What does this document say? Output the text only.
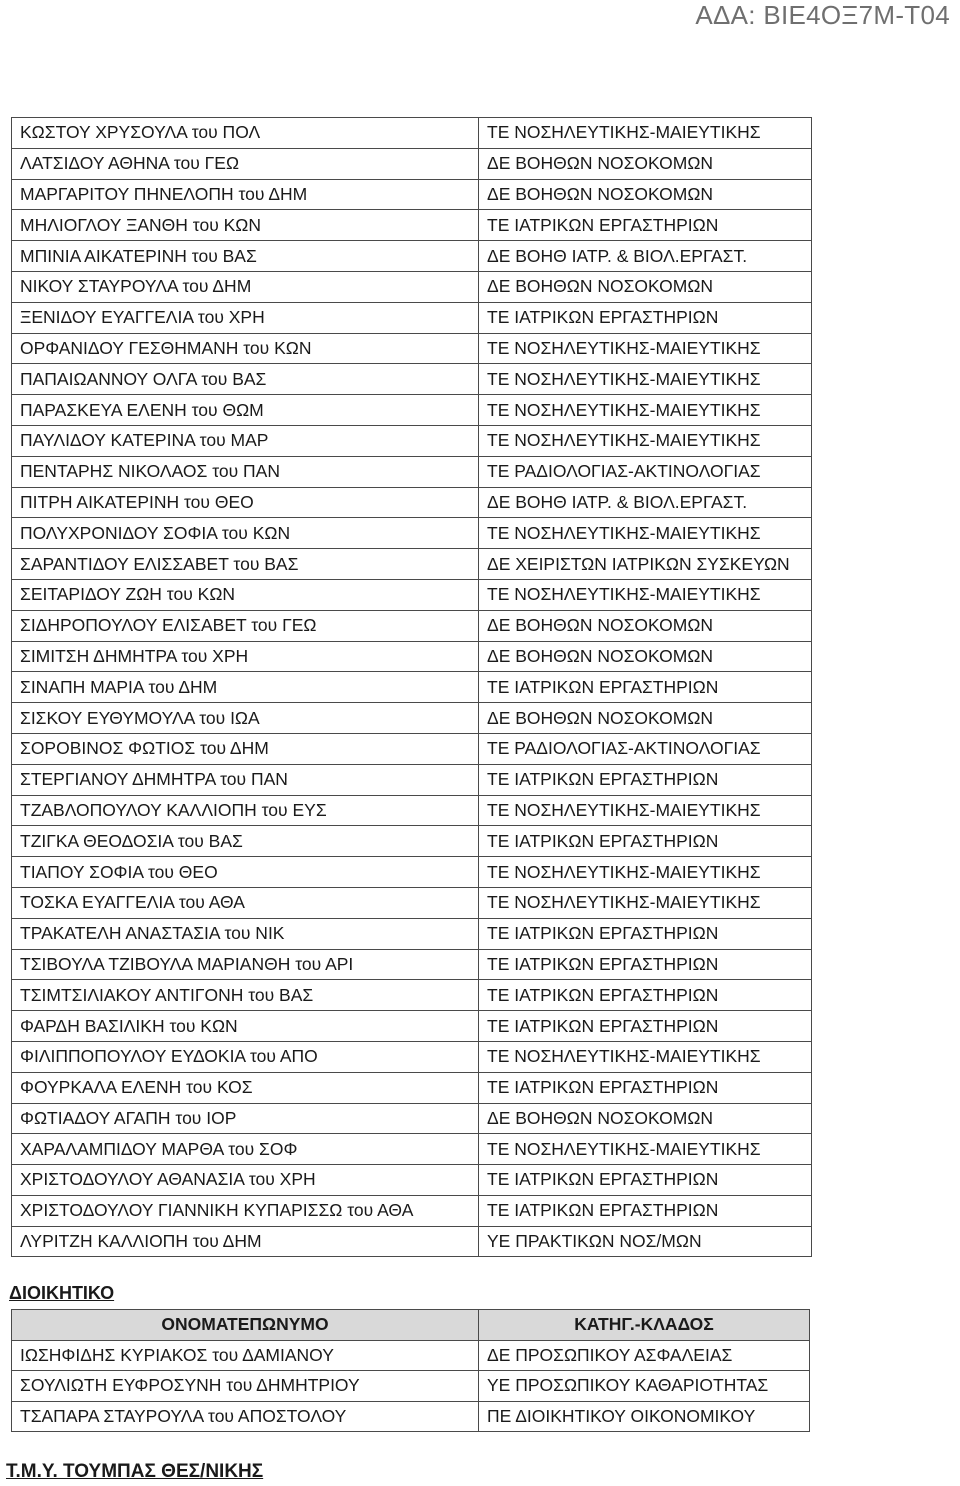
ΑΔΑ: ΒΙΕ4ΟΞ7Μ-Τ04
ΚΩΣΤΟΥ ΧΡΥΣΟΥΛΑ του ΠΟΛ	ΤΕ ΝΟΣΗΛΕΥΤΙΚΗΣ-ΜΑΙΕΥΤΙΚΗΣ
ΛΑΤΣΙΔΟΥ ΑΘΗΝΑ του ΓΕΩ	ΔΕ ΒΟΗΘΩΝ ΝΟΣΟΚΟΜΩΝ
ΜΑΡΓΑΡΙΤΟΥ ΠΗΝΕΛΟΠΗ του ΔΗΜ	ΔΕ ΒΟΗΘΩΝ ΝΟΣΟΚΟΜΩΝ
ΜΗΛΙΟΓΛΟΥ ΞΑΝΘΗ του ΚΩΝ	ΤΕ ΙΑΤΡΙΚΩΝ ΕΡΓΑΣΤΗΡΙΩΝ
ΜΠΙΝΙΑ ΑΙΚΑΤΕΡΙΝΗ του ΒΑΣ	ΔΕ ΒΟΗΘ ΙΑΤΡ. & ΒΙΟΛ.ΕΡΓΑΣΤ.
ΝΙΚΟΥ ΣΤΑΥΡΟΥΛΑ του ΔΗΜ	ΔΕ ΒΟΗΘΩΝ ΝΟΣΟΚΟΜΩΝ
ΞΕΝΙΔΟΥ ΕΥΑΓΓΕΛΙΑ του ΧΡΗ	ΤΕ ΙΑΤΡΙΚΩΝ ΕΡΓΑΣΤΗΡΙΩΝ
ΟΡΦΑΝΙΔΟΥ ΓΕΣΘΗΜΑΝΗ του ΚΩΝ	ΤΕ ΝΟΣΗΛΕΥΤΙΚΗΣ-ΜΑΙΕΥΤΙΚΗΣ
ΠΑΠΑΙΩΑΝΝΟΥ ΟΛΓΑ του ΒΑΣ	ΤΕ ΝΟΣΗΛΕΥΤΙΚΗΣ-ΜΑΙΕΥΤΙΚΗΣ
ΠΑΡΑΣΚΕΥΑ ΕΛΕΝΗ του ΘΩΜ	ΤΕ ΝΟΣΗΛΕΥΤΙΚΗΣ-ΜΑΙΕΥΤΙΚΗΣ
ΠΑΥΛΙΔΟΥ ΚΑΤΕΡΙΝΑ του ΜΑΡ	ΤΕ ΝΟΣΗΛΕΥΤΙΚΗΣ-ΜΑΙΕΥΤΙΚΗΣ
ΠΕΝΤΑΡΗΣ ΝΙΚΟΛΑΟΣ του ΠΑΝ	ΤΕ ΡΑΔΙΟΛΟΓΙΑΣ-ΑΚΤΙΝΟΛΟΓΙΑΣ
ΠΙΤΡΗ ΑΙΚΑΤΕΡΙΝΗ του ΘΕΟ	ΔΕ ΒΟΗΘ ΙΑΤΡ. & ΒΙΟΛ.ΕΡΓΑΣΤ.
ΠΟΛΥΧΡΟΝΙΔΟΥ ΣΟΦΙΑ του ΚΩΝ	ΤΕ ΝΟΣΗΛΕΥΤΙΚΗΣ-ΜΑΙΕΥΤΙΚΗΣ
ΣΑΡΑΝΤΙΔΟΥ ΕΛΙΣΣΑΒΕΤ του ΒΑΣ	ΔΕ ΧΕΙΡΙΣΤΩΝ ΙΑΤΡΙΚΩΝ ΣΥΣΚΕΥΩΝ
ΣΕΙΤΑΡΙΔΟΥ ΖΩΗ του ΚΩΝ	ΤΕ ΝΟΣΗΛΕΥΤΙΚΗΣ-ΜΑΙΕΥΤΙΚΗΣ
ΣΙΔΗΡΟΠΟΥΛΟΥ ΕΛΙΣΑΒΕΤ του ΓΕΩ	ΔΕ ΒΟΗΘΩΝ ΝΟΣΟΚΟΜΩΝ
ΣΙΜΙΤΣΗ ΔΗΜΗΤΡΑ του ΧΡΗ	ΔΕ ΒΟΗΘΩΝ ΝΟΣΟΚΟΜΩΝ
ΣΙΝΑΠΗ ΜΑΡΙΑ του ΔΗΜ	ΤΕ ΙΑΤΡΙΚΩΝ ΕΡΓΑΣΤΗΡΙΩΝ
ΣΙΣΚΟΥ ΕΥΘΥΜΟΥΛΑ του ΙΩΑ	ΔΕ ΒΟΗΘΩΝ ΝΟΣΟΚΟΜΩΝ
ΣΟΡΟΒΙΝΟΣ ΦΩΤΙΟΣ του ΔΗΜ	ΤΕ ΡΑΔΙΟΛΟΓΙΑΣ-ΑΚΤΙΝΟΛΟΓΙΑΣ
ΣΤΕΡΓΙΑΝΟΥ ΔΗΜΗΤΡΑ του ΠΑΝ	ΤΕ ΙΑΤΡΙΚΩΝ ΕΡΓΑΣΤΗΡΙΩΝ
ΤΖΑΒΛΟΠΟΥΛΟΥ ΚΑΛΛΙΟΠΗ του ΕΥΣ	ΤΕ ΝΟΣΗΛΕΥΤΙΚΗΣ-ΜΑΙΕΥΤΙΚΗΣ
ΤΖΙΓΚΑ ΘΕΟΔΟΣΙΑ του ΒΑΣ	ΤΕ ΙΑΤΡΙΚΩΝ ΕΡΓΑΣΤΗΡΙΩΝ
ΤΙΑΠΟΥ ΣΟΦΙΑ του ΘΕΟ	ΤΕ ΝΟΣΗΛΕΥΤΙΚΗΣ-ΜΑΙΕΥΤΙΚΗΣ
ΤΟΣΚΑ ΕΥΑΓΓΕΛΙΑ του ΑΘΑ	ΤΕ ΝΟΣΗΛΕΥΤΙΚΗΣ-ΜΑΙΕΥΤΙΚΗΣ
ΤΡΑΚΑΤΕΛΗ ΑΝΑΣΤΑΣΙΑ του ΝΙΚ	ΤΕ ΙΑΤΡΙΚΩΝ ΕΡΓΑΣΤΗΡΙΩΝ
ΤΣΙΒΟΥΛΑ ΤΖΙΒΟΥΛΑ ΜΑΡΙΑΝΘΗ του ΑΡΙ	ΤΕ ΙΑΤΡΙΚΩΝ ΕΡΓΑΣΤΗΡΙΩΝ
ΤΣΙΜΤΣΙΛΙΑΚΟΥ ΑΝΤΙΓΟΝΗ του ΒΑΣ	ΤΕ ΙΑΤΡΙΚΩΝ ΕΡΓΑΣΤΗΡΙΩΝ
ΦΑΡΔΗ ΒΑΣΙΛΙΚΗ του ΚΩΝ	ΤΕ ΙΑΤΡΙΚΩΝ ΕΡΓΑΣΤΗΡΙΩΝ
ΦΙΛΙΠΠΟΠΟΥΛΟΥ ΕΥΔΟΚΙΑ του ΑΠΟ	ΤΕ ΝΟΣΗΛΕΥΤΙΚΗΣ-ΜΑΙΕΥΤΙΚΗΣ
ΦΟΥΡΚΑΛΑ ΕΛΕΝΗ του ΚΟΣ	ΤΕ ΙΑΤΡΙΚΩΝ ΕΡΓΑΣΤΗΡΙΩΝ
ΦΩΤΙΑΔΟΥ ΑΓΑΠΗ του ΙΟΡ	ΔΕ ΒΟΗΘΩΝ ΝΟΣΟΚΟΜΩΝ
ΧΑΡΑΛΑΜΠΙΔΟΥ ΜΑΡΘΑ του ΣΟΦ	ΤΕ ΝΟΣΗΛΕΥΤΙΚΗΣ-ΜΑΙΕΥΤΙΚΗΣ
ΧΡΙΣΤΟΔΟΥΛΟΥ ΑΘΑΝΑΣΙΑ του ΧΡΗ	ΤΕ ΙΑΤΡΙΚΩΝ ΕΡΓΑΣΤΗΡΙΩΝ
ΧΡΙΣΤΟΔΟΥΛΟΥ ΓΙΑΝΝΙΚΗ ΚΥΠΑΡΙΣΣΩ του ΑΘΑ	ΤΕ ΙΑΤΡΙΚΩΝ ΕΡΓΑΣΤΗΡΙΩΝ
ΛΥΡΙΤΖΗ ΚΑΛΛΙΟΠΗ του ΔΗΜ	ΥΕ ΠΡΑΚΤΙΚΩΝ ΝΟΣ/ΜΩΝ
ΔΙΟΙΚΗΤΙΚΟ
ΟΝΟΜΑΤΕΠΩΝΥΜΟ	ΚΑΤΗΓ.-ΚΛΑΔΟΣ
ΙΩΣΗΦΙΔΗΣ ΚΥΡΙΑΚΟΣ του ΔΑΜΙΑΝΟΥ	ΔΕ ΠΡΟΣΩΠΙΚΟΥ ΑΣΦΑΛΕΙΑΣ
ΣΟΥΛΙΩΤΗ ΕΥΦΡΟΣΥΝΗ του ΔΗΜΗΤΡΙΟΥ	ΥΕ ΠΡΟΣΩΠΙΚΟΥ ΚΑΘΑΡΙΟΤΗΤΑΣ
ΤΣΑΠΑΡΑ ΣΤΑΥΡΟΥΛΑ του ΑΠΟΣΤΟΛΟΥ	ΠΕ ΔΙΟΙΚΗΤΙΚΟΥ ΟΙΚΟΝΟΜΙΚΟΥ
Τ.Μ.Υ. ΤΟΥΜΠΑΣ ΘΕΣ/ΝΙΚΗΣ
